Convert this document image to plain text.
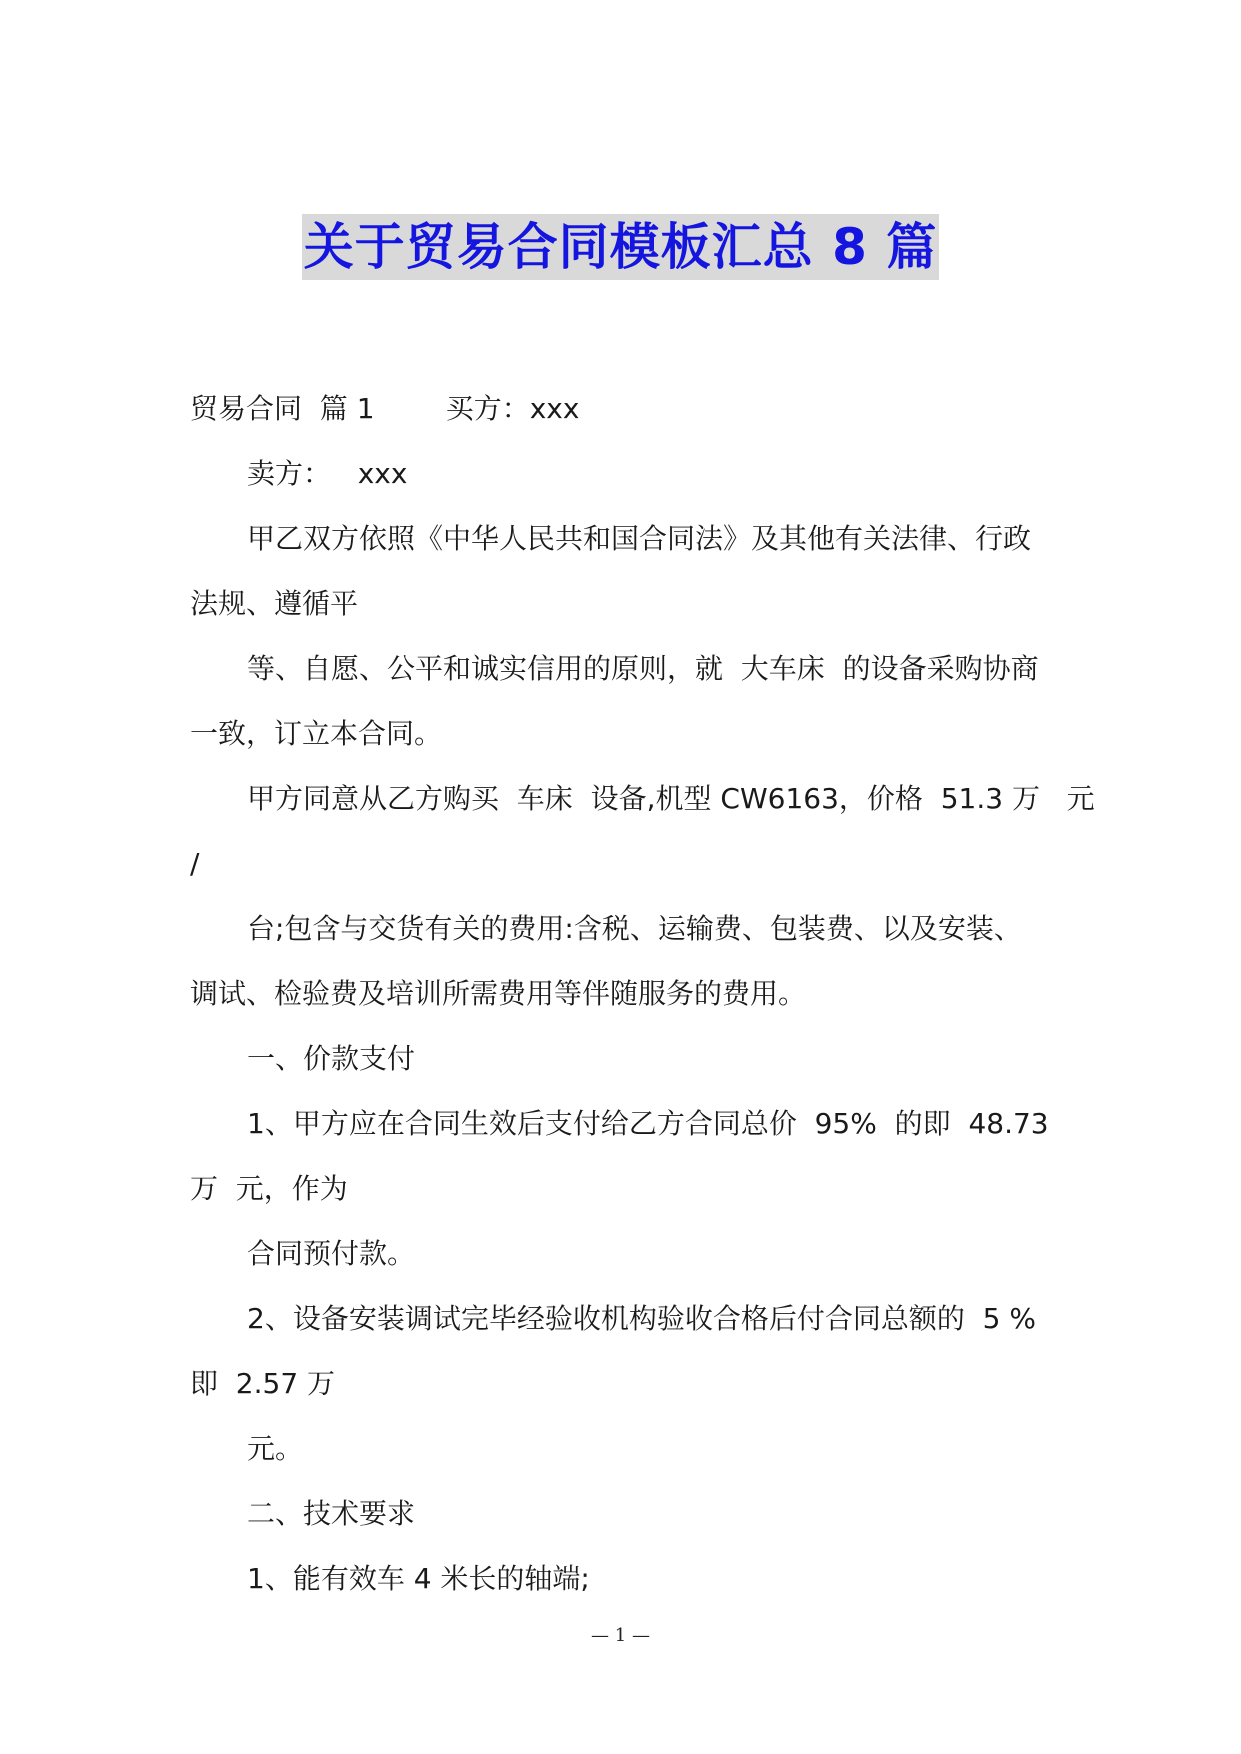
关于贸易合同模板汇总 8 篇
贸易合同  篇 1        买方：xxx
卖方：   xxx
甲乙双方依照《中华人民共和国合同法》及其他有关法律、行政
法规、遵循平
等、自愿、公平和诚实信用的原则，就  大车床  的设备采购协商
一致，订立本合同。
甲方同意从乙方购买  车床  设备,机型 CW6163，价格  51.3 万   元
/
台;包含与交货有关的费用:含税、运输费、包装费、以及安装、
调试、检验费及培训所需费用等伴随服务的费用。
一、价款支付
1、甲方应在合同生效后支付给乙方合同总价  95%  的即  48.73
万  元，作为
合同预付款。
2、设备安装调试完毕经验收机构验收合格后付合同总额的  5 %
即  2.57 万
元。
二、技术要求
1、能有效车 4 米长的轴端;
— 1 —
